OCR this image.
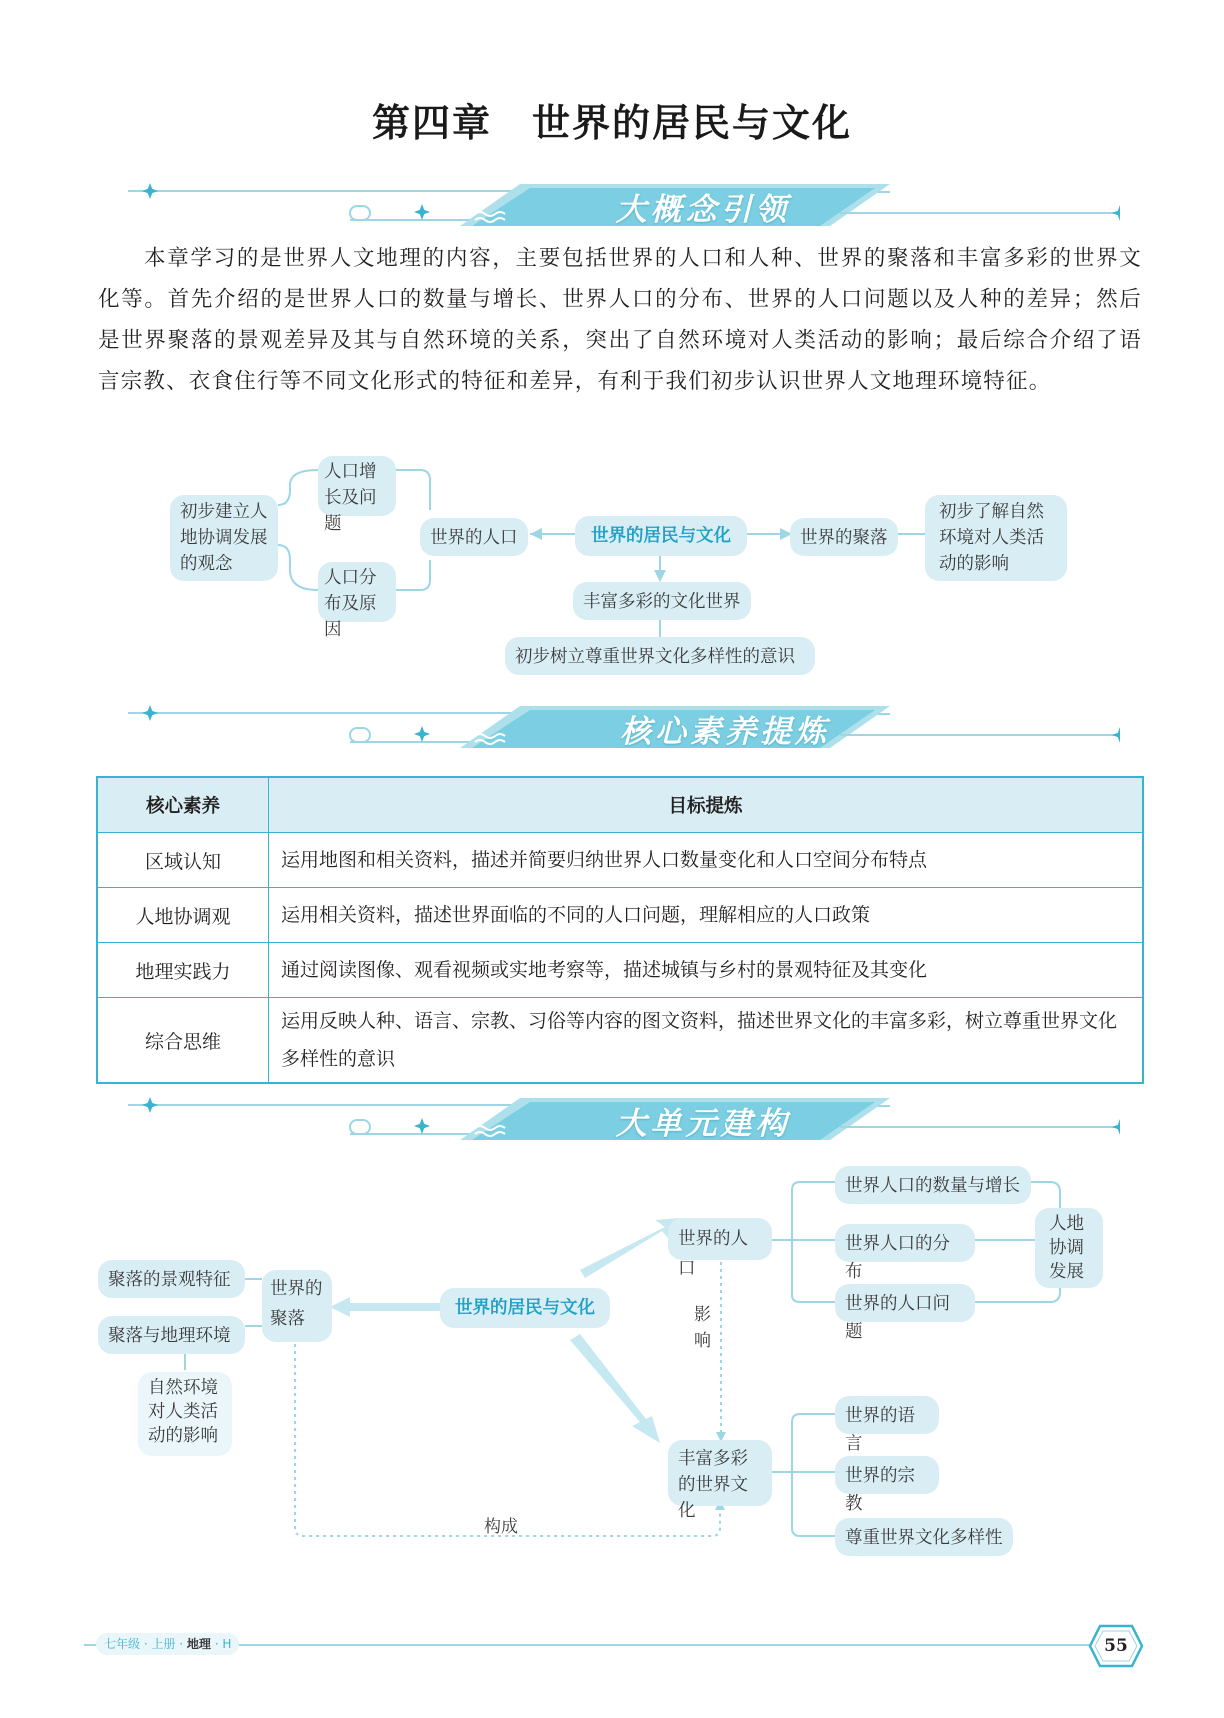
第四章 世界的居民与文化
大概念引领
本章学习的是世界人文地理的内容，主要包括世界的人口和人种、世界的聚落和丰富多彩的世界文化等。首先介绍的是世界人口的数量与增长、世界人口的分布、世界的人口问题以及人种的差异；然后是世界聚落的景观差异及其与自然环境的关系，突出了自然环境对人类活动的影响；最后综合介绍了语言宗教、衣食住行等不同文化形式的特征和差异，有利于我们初步认识世界人文地理环境特征。
初步建立人地协调发展的观念
人口增长及问题
人口分布及原因
世界的人口	世界的居民与文化	世界的聚落
初步了解自然环境对人类活动的影响
丰富多彩的文化世界
初步树立尊重世界文化多样性的意识
核心素养提炼
核心素养	目标提炼
区域认知	运用地图和相关资料，描述并简要归纳世界人口数量变化和人口空间分布特点
人地协调观	运用相关资料，描述世界面临的不同的人口问题，理解相应的人口政策
地理实践力	通过阅读图像、观看视频或实地考察等，描述城镇与乡村的景观特征及其变化
综合思维	运用反映人种、语言、宗教、习俗等内容的图文资料，描述世界文化的丰富多彩，树立尊重世界文化多样性的意识
大单元建构
世界的居民与文化
世界的人口
世界人口的数量与增长
世界人口的分布
世界的人口问题
人地协调发展
世界的聚落
聚落的景观特征
聚落与地理环境
自然环境对人类活动的影响
丰富多彩的世界文化
世界的语言
世界的宗教
尊重世界文化多样性
影响
构成
七年级 · 上册 · 地理 · H	55
